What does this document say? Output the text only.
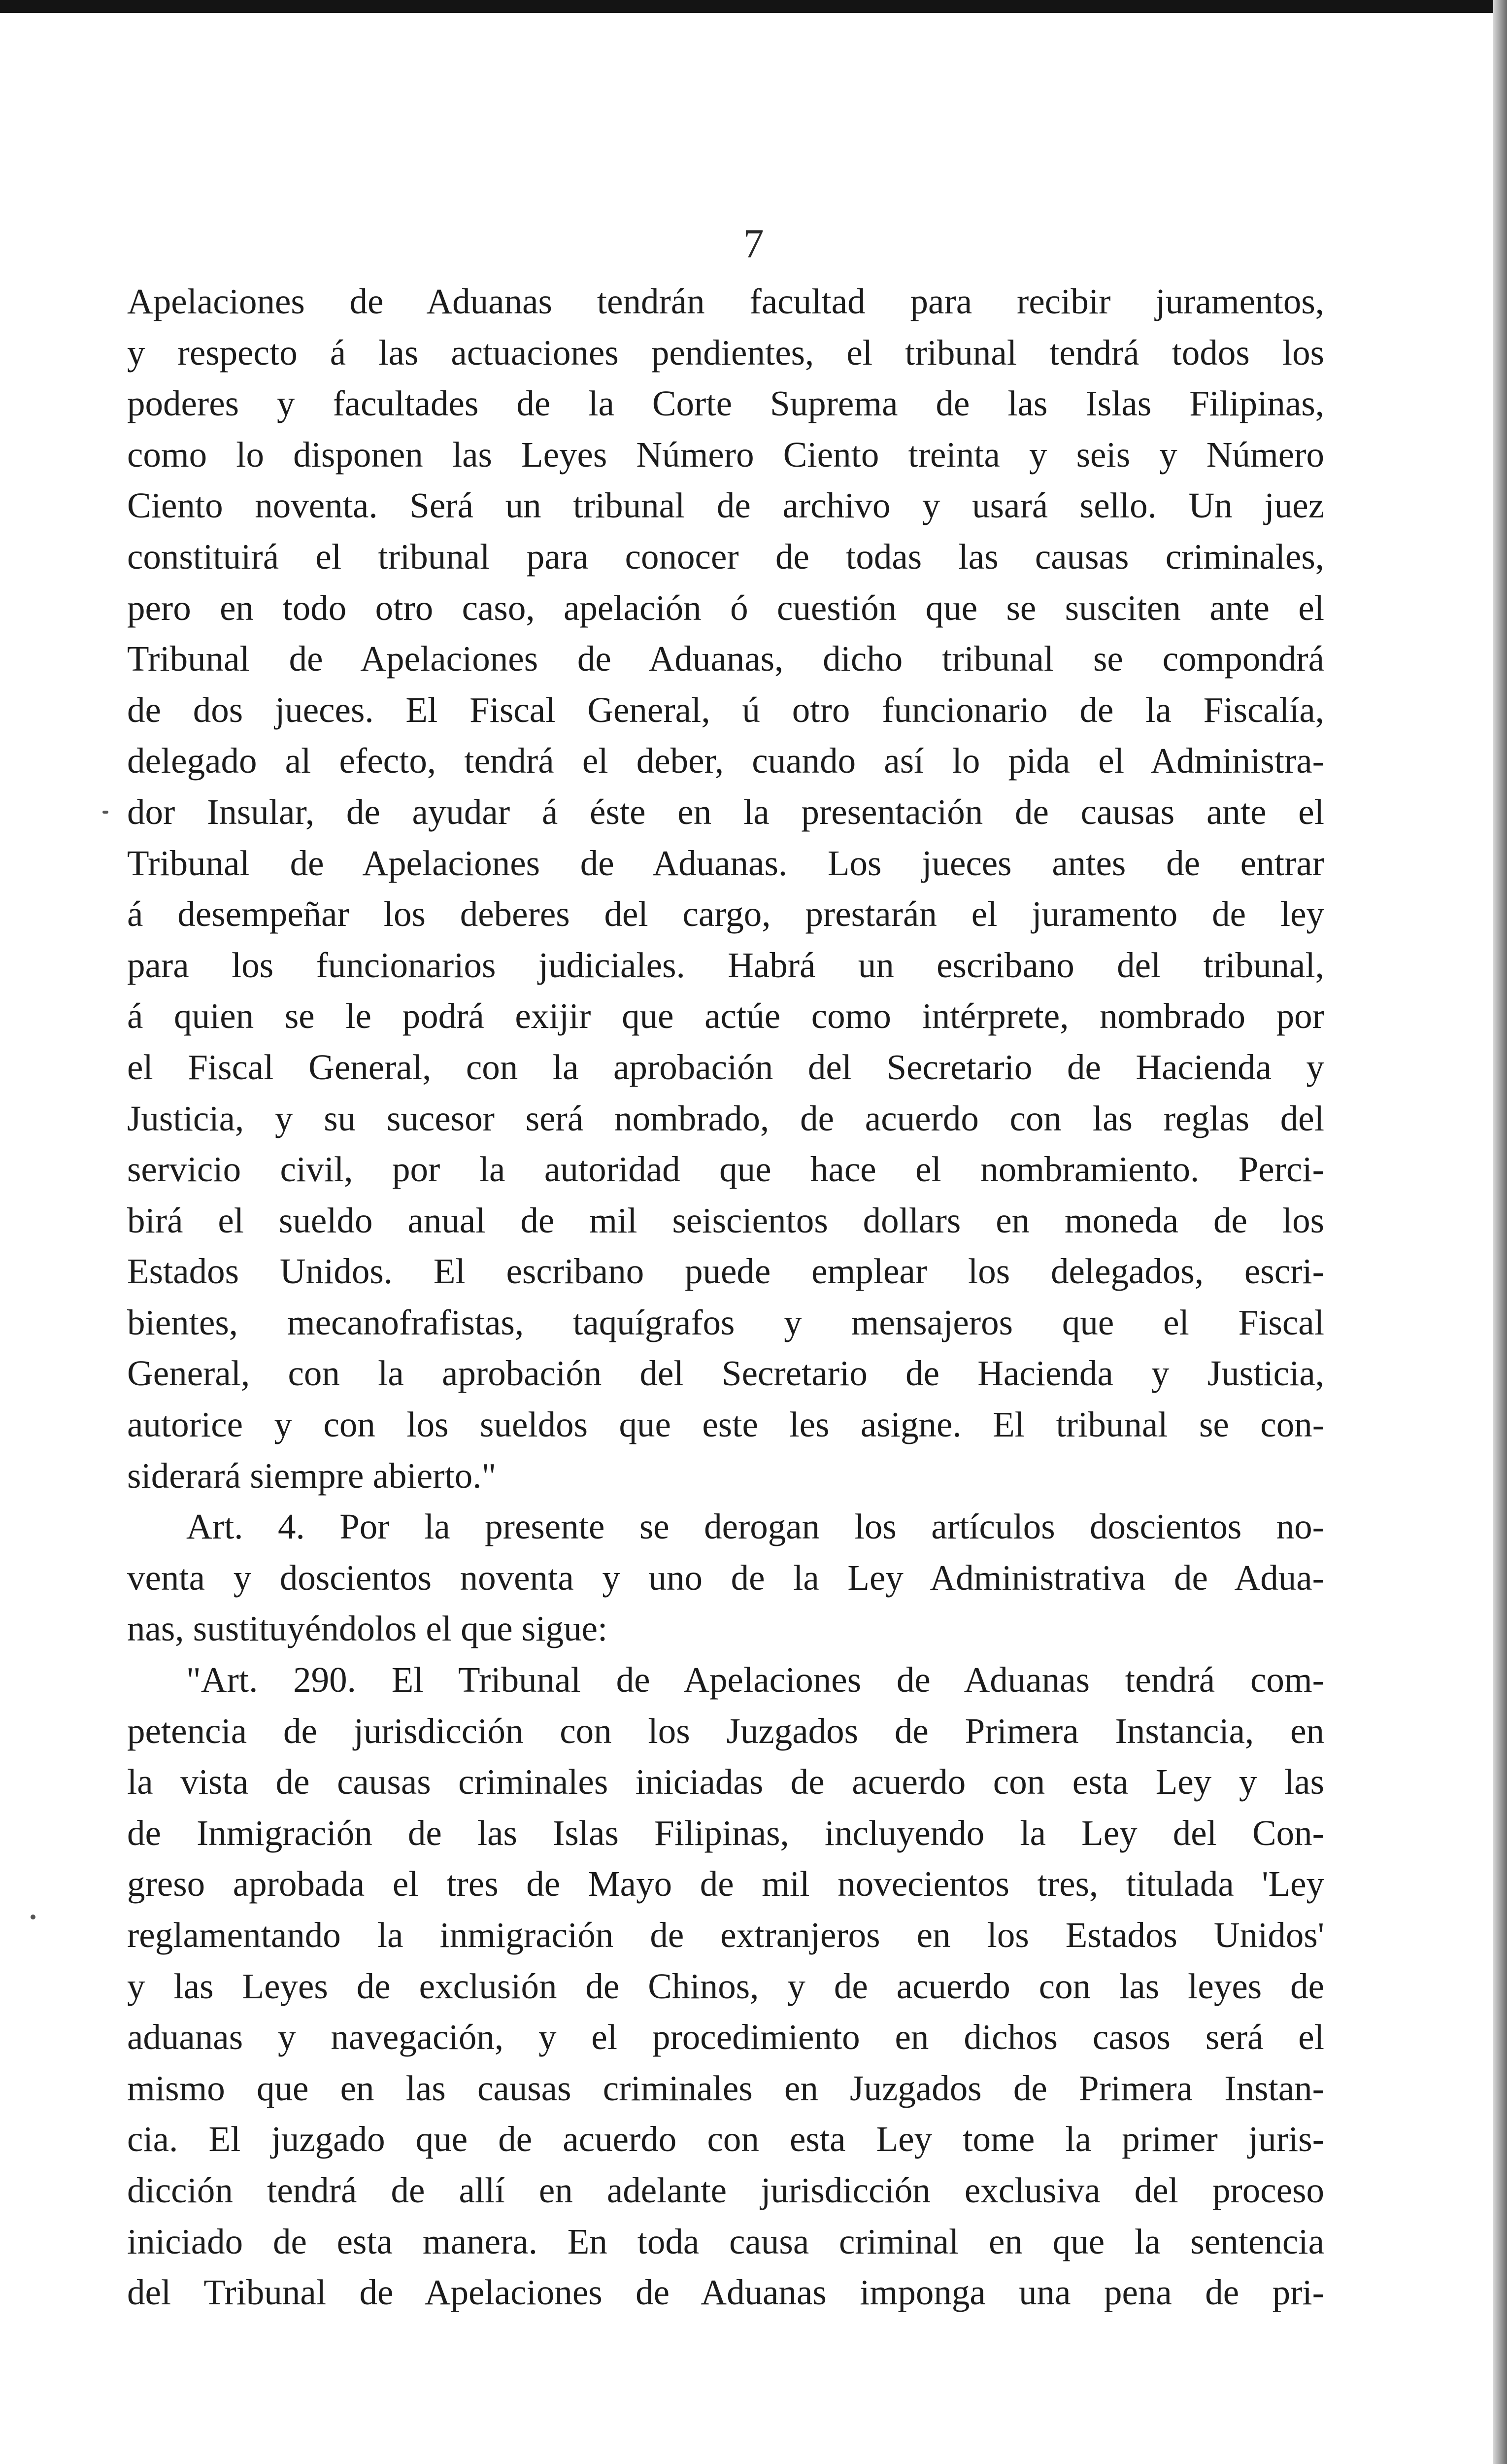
7
Apelaciones de Aduanas tendrán facultad para recibir juramentos,
y respecto á las actuaciones pendientes, el tribunal tendrá todos los
poderes y facultades de la Corte Suprema de las Islas Filipinas,
como lo disponen las Leyes Número Ciento treinta y seis y Número
Ciento noventa. Será un tribunal de archivo y usará sello. Un juez
constituirá el tribunal para conocer de todas las causas criminales,
pero en todo otro caso, apelación ó cuestión que se susciten ante el
Tribunal de Apelaciones de Aduanas, dicho tribunal se compondrá
de dos jueces. El Fiscal General, ú otro funcionario de la Fiscalía,
delegado al efecto, tendrá el deber, cuando así lo pida el Administra-
dor Insular, de ayudar á éste en la presentación de causas ante el
Tribunal de Apelaciones de Aduanas. Los jueces antes de entrar
á desempeñar los deberes del cargo, prestarán el juramento de ley
para los funcionarios judiciales. Habrá un escribano del tribunal,
á quien se le podrá exijir que actúe como intérprete, nombrado por
el Fiscal General, con la aprobación del Secretario de Hacienda y
Justicia, y su sucesor será nombrado, de acuerdo con las reglas del
servicio civil, por la autoridad que hace el nombramiento. Perci-
birá el sueldo anual de mil seiscientos dollars en moneda de los
Estados Unidos. El escribano puede emplear los delegados, escri-
bientes, mecanofrafistas, taquígrafos y mensajeros que el Fiscal
General, con la aprobación del Secretario de Hacienda y Justicia,
autorice y con los sueldos que este les asigne. El tribunal se con-
siderará siempre abierto."
Art. 4. Por la presente se derogan los artículos doscientos no-
venta y doscientos noventa y uno de la Ley Administrativa de Adua-
nas, sustituyéndolos el que sigue:
"Art. 290. El Tribunal de Apelaciones de Aduanas tendrá com-
petencia de jurisdicción con los Juzgados de Primera Instancia, en
la vista de causas criminales iniciadas de acuerdo con esta Ley y las
de Inmigración de las Islas Filipinas, incluyendo la Ley del Con-
greso aprobada el tres de Mayo de mil novecientos tres, titulada 'Ley
reglamentando la inmigración de extranjeros en los Estados Unidos'
y las Leyes de exclusión de Chinos, y de acuerdo con las leyes de
aduanas y navegación, y el procedimiento en dichos casos será el
mismo que en las causas criminales en Juzgados de Primera Instan-
cia. El juzgado que de acuerdo con esta Ley tome la primer juris-
dicción tendrá de allí en adelante jurisdicción exclusiva del proceso
iniciado de esta manera. En toda causa criminal en que la sentencia
del Tribunal de Apelaciones de Aduanas imponga una pena de pri-
